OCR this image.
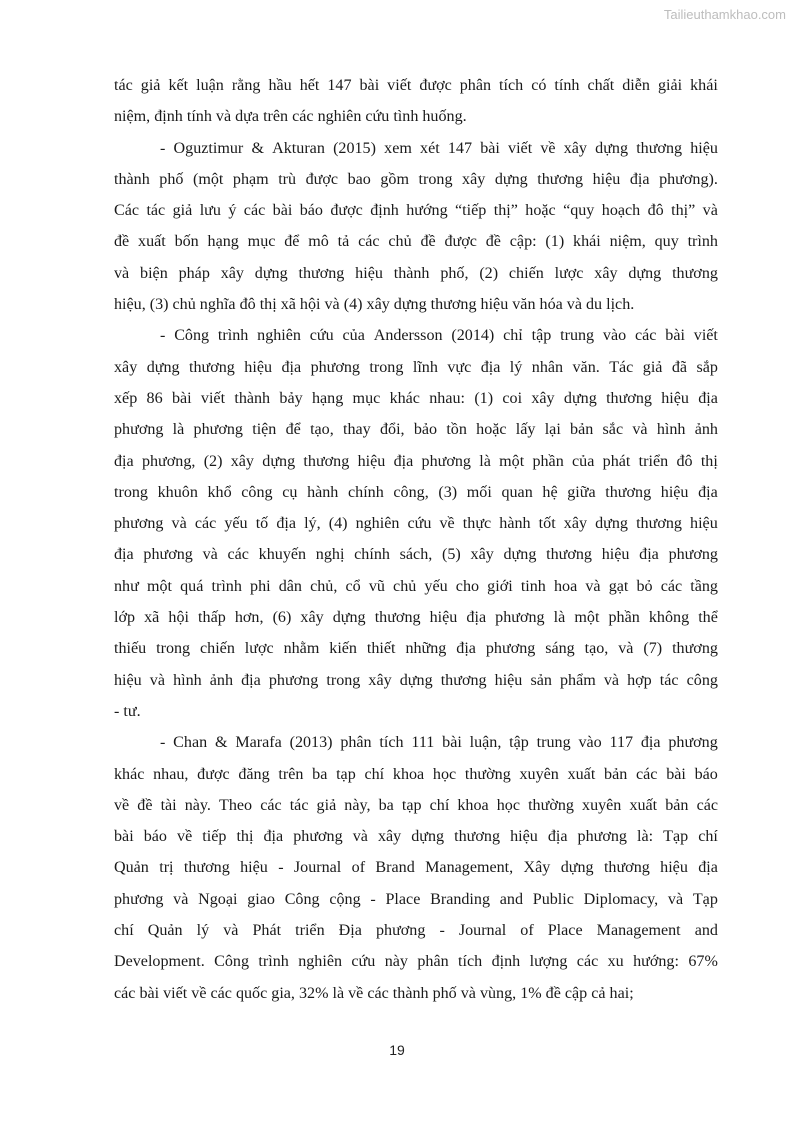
Tailieuthamkhao.com
tác giả kết luận rằng hầu hết 147 bài viết được phân tích có tính chất diễn giải khái
niệm, định tính và dựa trên các nghiên cứu tình huống.
- Oguztimur & Akturan (2015) xem xét 147 bài viết về xây dựng thương hiệu
thành phố (một phạm trù được bao gồm trong xây dựng thương hiệu địa phương).
Các tác giả lưu ý các bài báo được định hướng “tiếp thị” hoặc “quy hoạch đô thị” và
đề xuất bốn hạng mục để mô tả các chủ đề được đề cập: (1) khái niệm, quy trình
và biện pháp xây dựng thương hiệu thành phố, (2) chiến lược xây dựng thương
hiệu, (3) chủ nghĩa đô thị xã hội và (4) xây dựng thương hiệu văn hóa và du lịch.
- Công trình nghiên cứu của Andersson (2014) chỉ tập trung vào các bài viết
xây dựng thương hiệu địa phương trong lĩnh vực địa lý nhân văn. Tác giả đã sắp
xếp 86 bài viết thành bảy hạng mục khác nhau: (1) coi xây dựng thương hiệu địa
phương là phương tiện để tạo, thay đổi, bảo tồn hoặc lấy lại bản sắc và hình ảnh
địa phương, (2) xây dựng thương hiệu địa phương là một phần của phát triển đô thị
trong khuôn khổ công cụ hành chính công, (3) mối quan hệ giữa thương hiệu địa
phương và các yếu tố địa lý, (4) nghiên cứu về thực hành tốt xây dựng thương hiệu
địa phương và các khuyến nghị chính sách, (5) xây dựng thương hiệu địa phương
như một quá trình phi dân chủ, cổ vũ chủ yếu cho giới tinh hoa và gạt bỏ các tầng
lớp xã hội thấp hơn, (6) xây dựng thương hiệu địa phương là một phần không thể
thiếu trong chiến lược nhằm kiến thiết những địa phương sáng tạo, và (7) thương
hiệu và hình ảnh địa phương trong xây dựng thương hiệu sản phẩm và hợp tác công
- tư.
- Chan & Marafa (2013) phân tích 111 bài luận, tập trung vào 117 địa phương
khác nhau, được đăng trên ba tạp chí khoa học thường xuyên xuất bản các bài báo
về đề tài này. Theo các tác giả này, ba tạp chí khoa học thường xuyên xuất bản các
bài báo về tiếp thị địa phương và xây dựng thương hiệu địa phương là: Tạp chí
Quản trị thương hiệu - Journal of Brand Management, Xây dựng thương hiệu địa
phương và Ngoại giao Công cộng - Place Branding and Public Diplomacy, và Tạp
chí Quản lý và Phát triển Địa phương - Journal of Place Management and
Development. Công trình nghiên cứu này phân tích định lượng các xu hướng: 67%
các bài viết về các quốc gia, 32% là về các thành phố và vùng, 1% đề cập cả hai;
19
